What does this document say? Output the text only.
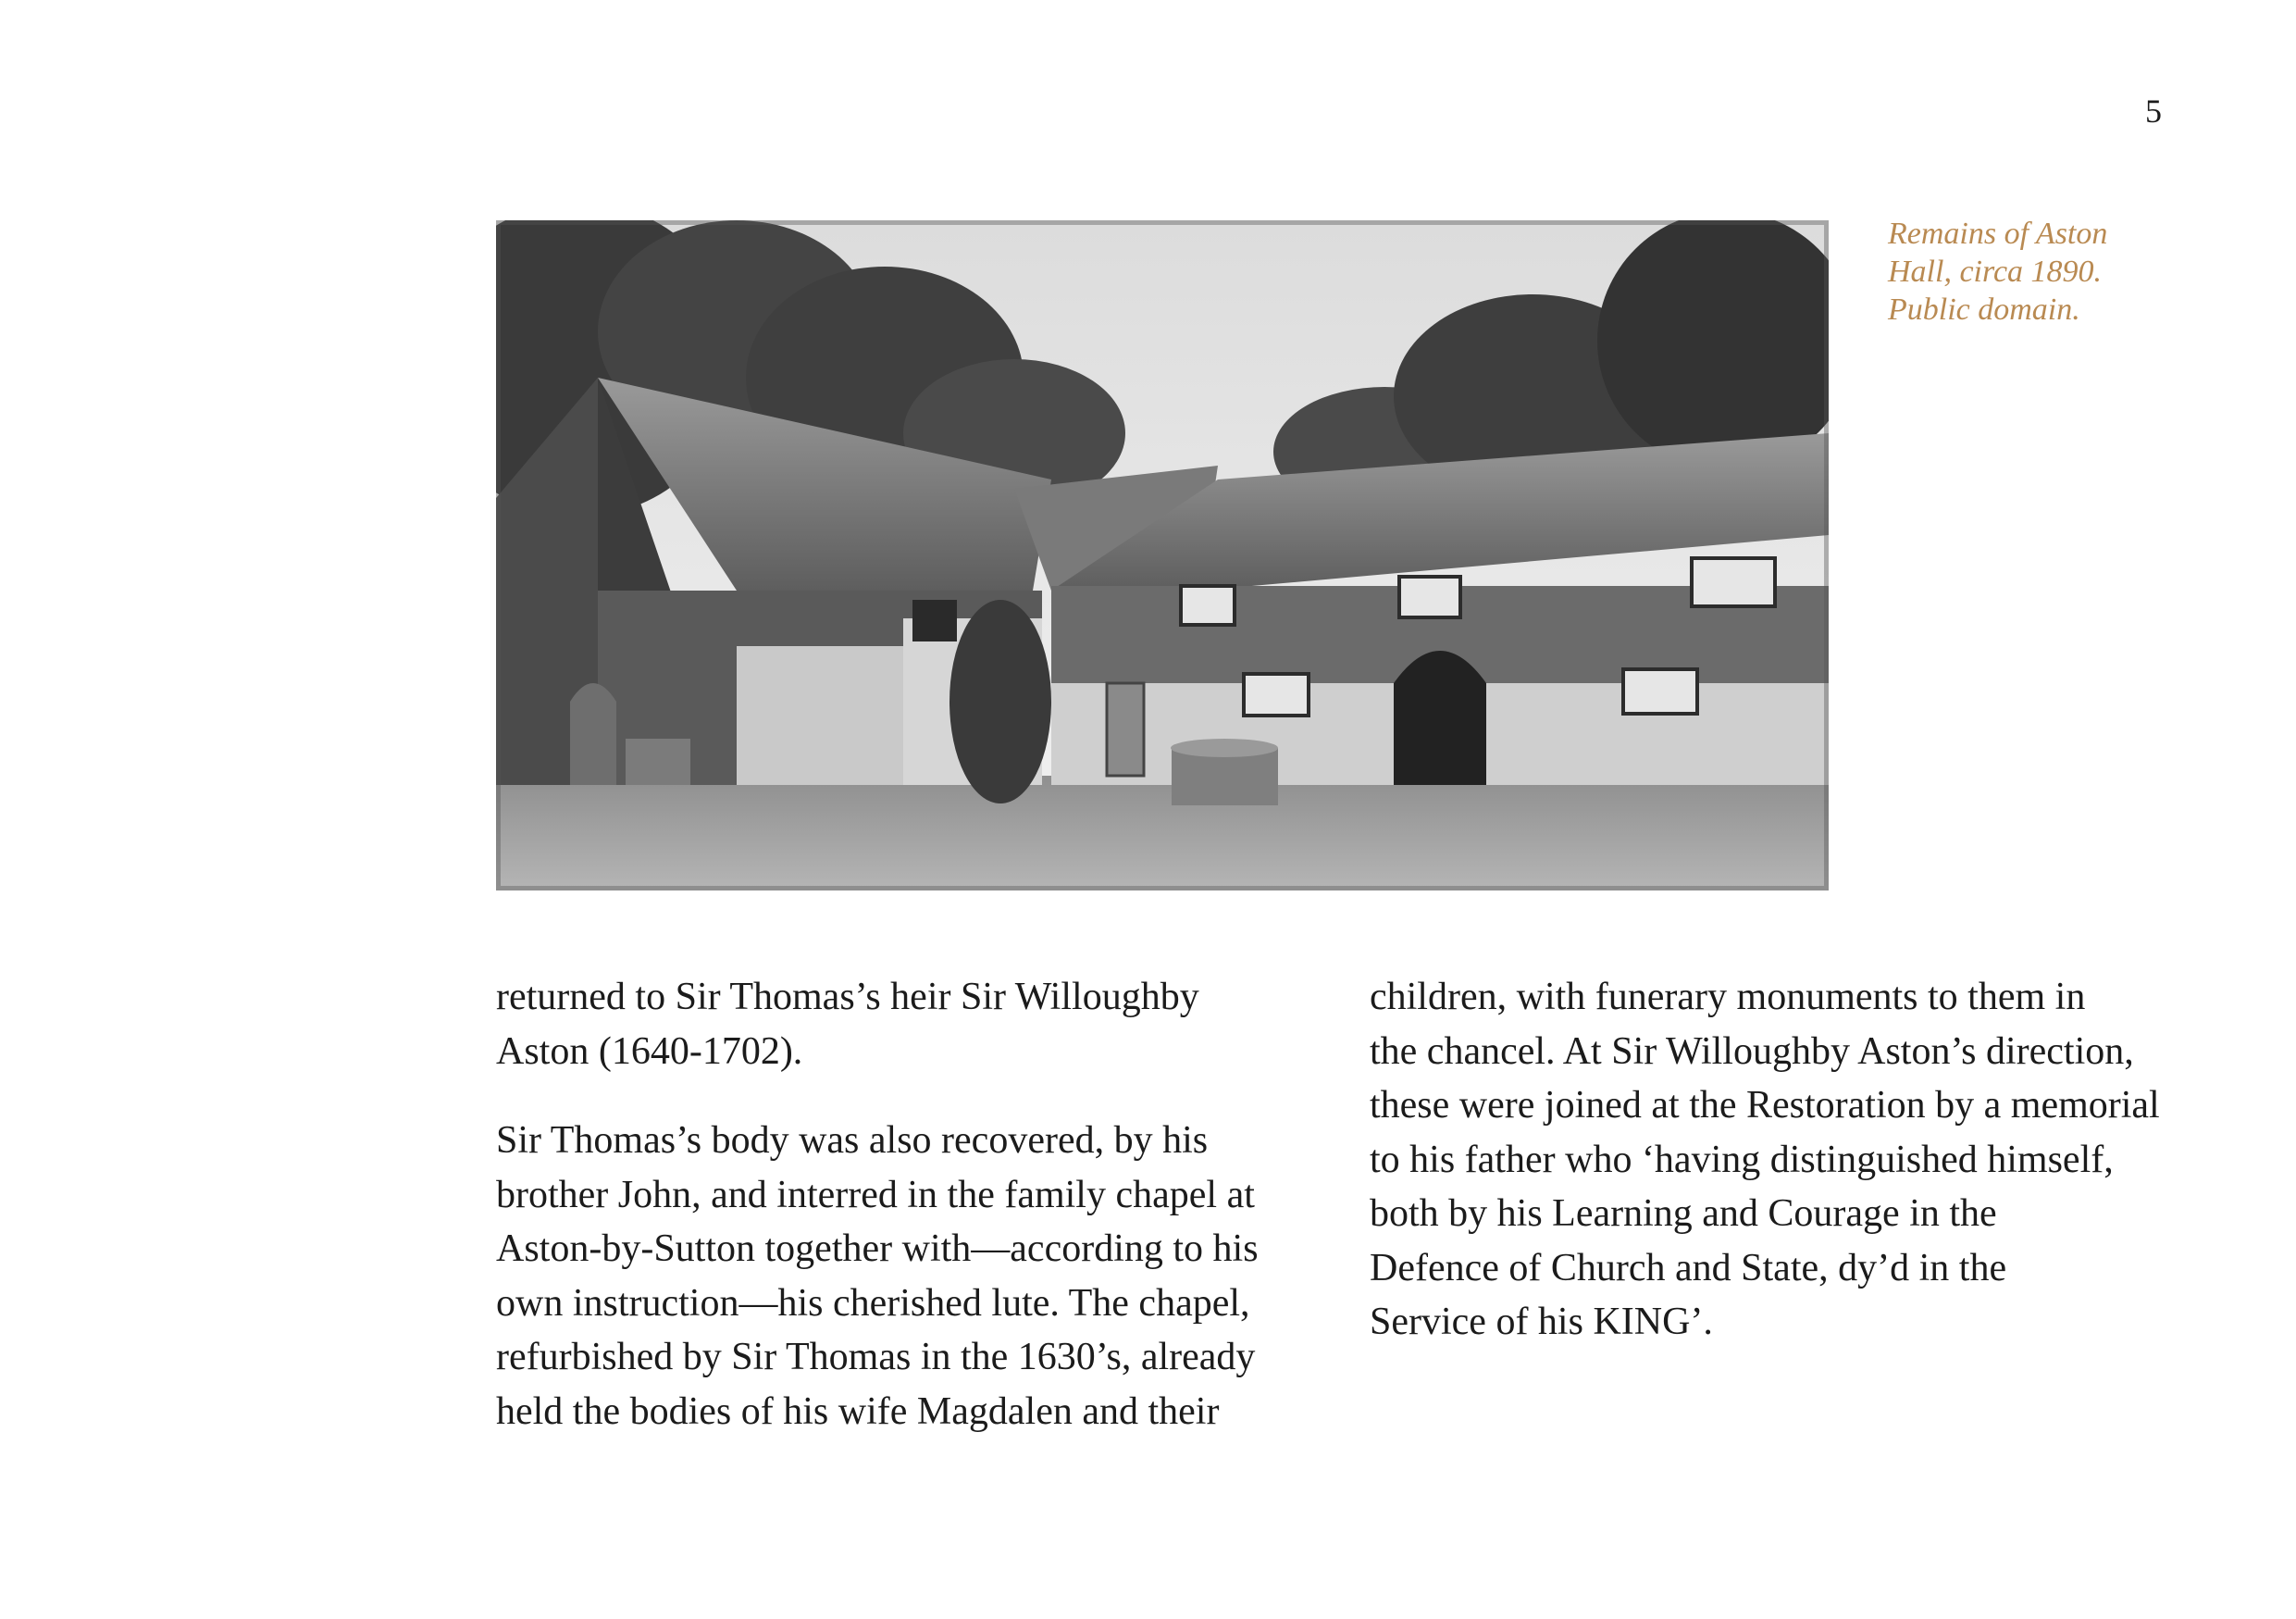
5
Remains of Aston
Hall, circa 1890.
Public domain.

returned to Sir Thomas’s heir Sir Willoughby
Aston (1640-1702).

Sir Thomas’s body was also recovered, by his
brother John, and interred in the family chapel at
Aston-by-Sutton together with—according to his
own instruction—his cherished lute. The chapel,
refurbished by Sir Thomas in the 1630’s, already
held the bodies of his wife Magdalen and their

children, with funerary monuments to them in
the chancel. At Sir Willoughby Aston’s direction,
these were joined at the Restoration by a memorial
to his father who ‘having distinguished himself,
both by his Learning and Courage in the
Defence of Church and State, dy’d in the
Service of his KING’.
